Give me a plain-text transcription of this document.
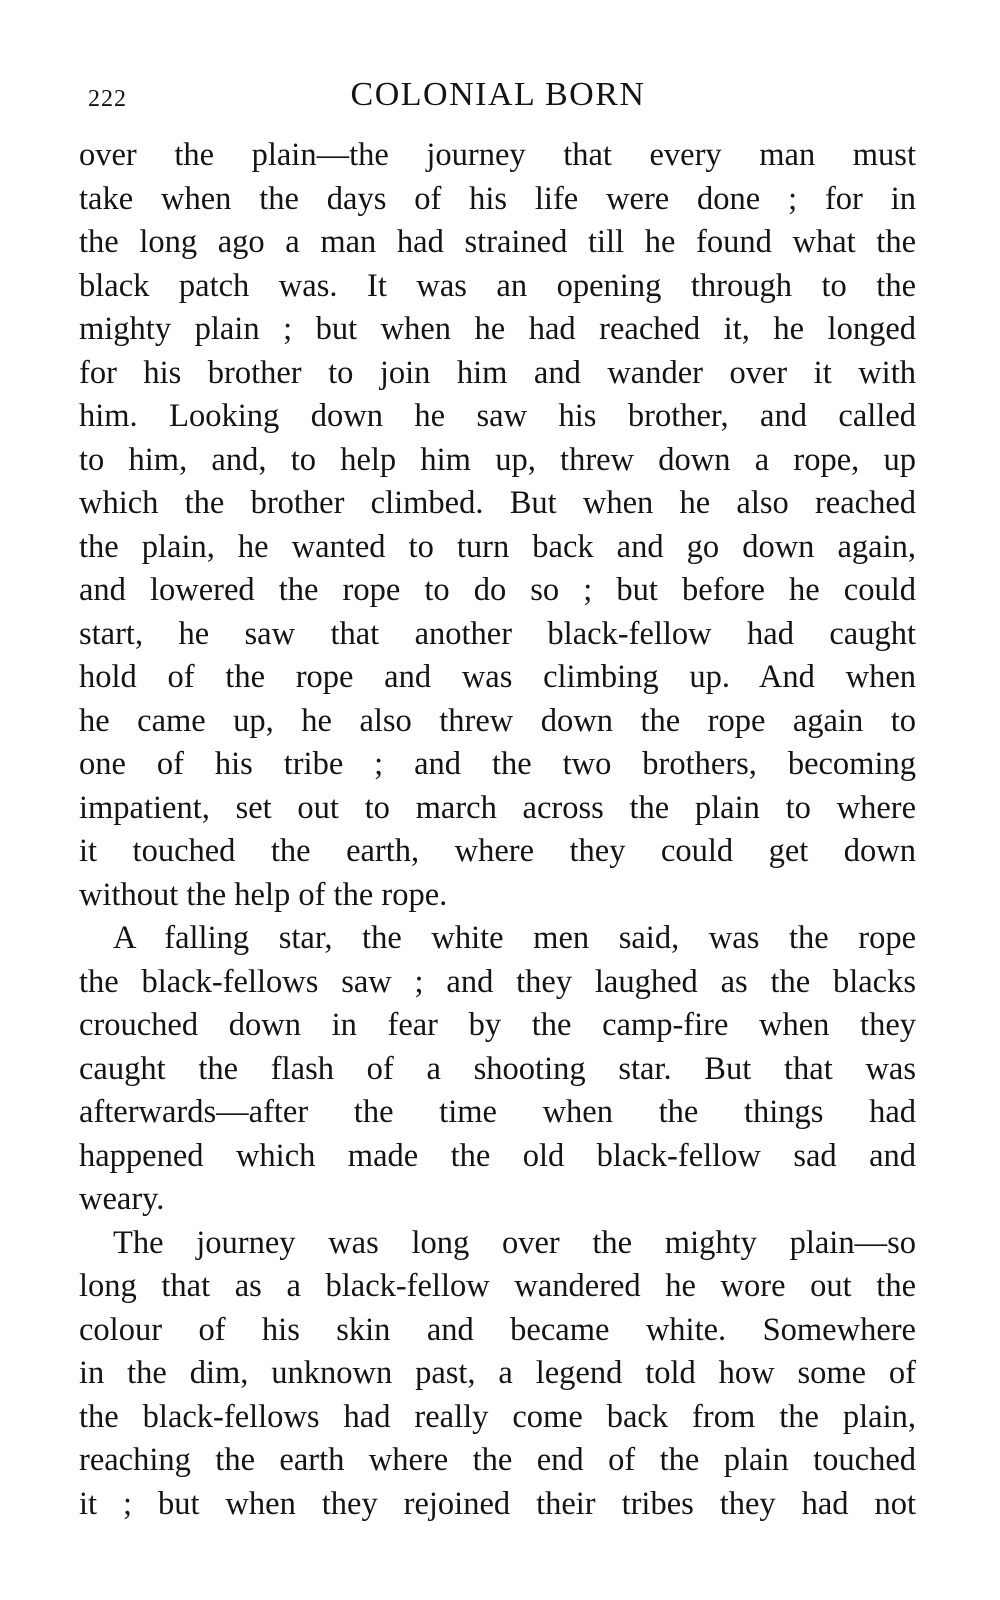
222	COLONIAL BORN
over the plain—the journey that every man must
take when the days of his life were done ; for in
the long ago a man had strained till he found what the
black patch was. It was an opening through to the
mighty plain ; but when he had reached it, he longed
for his brother to join him and wander over it with
him. Looking down he saw his brother, and called
to him, and, to help him up, threw down a rope, up
which the brother climbed. But when he also reached
the plain, he wanted to turn back and go down again,
and lowered the rope to do so ; but before he could
start, he saw that another black-fellow had caught
hold of the rope and was climbing up. And when
he came up, he also threw down the rope again to
one of his tribe ; and the two brothers, becoming
impatient, set out to march across the plain to where
it touched the earth, where they could get down
without the help of the rope.
A falling star, the white men said, was the rope
the black-fellows saw ; and they laughed as the blacks
crouched down in fear by the camp-fire when they
caught the flash of a shooting star. But that was
afterwards—after the time when the things had
happened which made the old black-fellow sad and
weary.
The journey was long over the mighty plain—so
long that as a black-fellow wandered he wore out the
colour of his skin and became white. Somewhere
in the dim, unknown past, a legend told how some of
the black-fellows had really come back from the plain,
reaching the earth where the end of the plain touched
it ; but when they rejoined their tribes they had not
